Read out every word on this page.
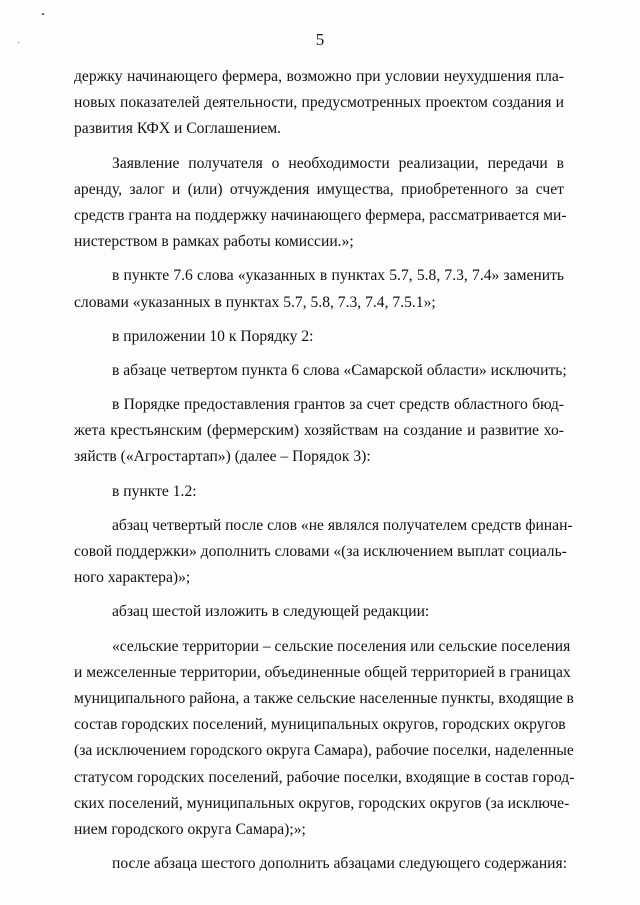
5
держку начинающего фермера, возможно при условии неухудшения пла-
новых показателей деятельности, предусмотренных проектом создания и
развития КФХ и Соглашением.
Заявление получателя о необходимости реализации, передачи в
аренду, залог и (или) отчуждения имущества, приобретенного за счет
средств гранта на поддержку начинающего фермера, рассматривается ми-
нистерством в рамках работы комиссии.»;
в пункте 7.6 слова «указанных в пунктах 5.7, 5.8, 7.3, 7.4» заменить
словами «указанных в пунктах 5.7, 5.8, 7.3, 7.4, 7.5.1»;
в приложении 10 к Порядку 2:
в абзаце четвертом пункта 6 слова «Самарской области» исключить;
в Порядке предоставления грантов за счет средств областного бюд-
жета крестьянским (фермерским) хозяйствам на создание и развитие хо-
зяйств («Агростартап») (далее – Порядок 3):
в пункте 1.2:
абзац четвертый после слов «не являлся получателем средств финан-
совой поддержки» дополнить словами «(за исключением выплат социаль-
ного характера)»;
абзац шестой изложить в следующей редакции:
«сельские территории – сельские поселения или сельские поселения
и межселенные территории, объединенные общей территорией в границах
муниципального района, а также сельские населенные пункты, входящие в
состав городских поселений, муниципальных округов, городских округов
(за исключением городского округа Самара), рабочие поселки, наделенные
статусом городских поселений, рабочие поселки, входящие в состав город-
ских поселений, муниципальных округов, городских округов (за исключе-
нием городского округа Самара);»;
после абзаца шестого дополнить абзацами следующего содержания:
